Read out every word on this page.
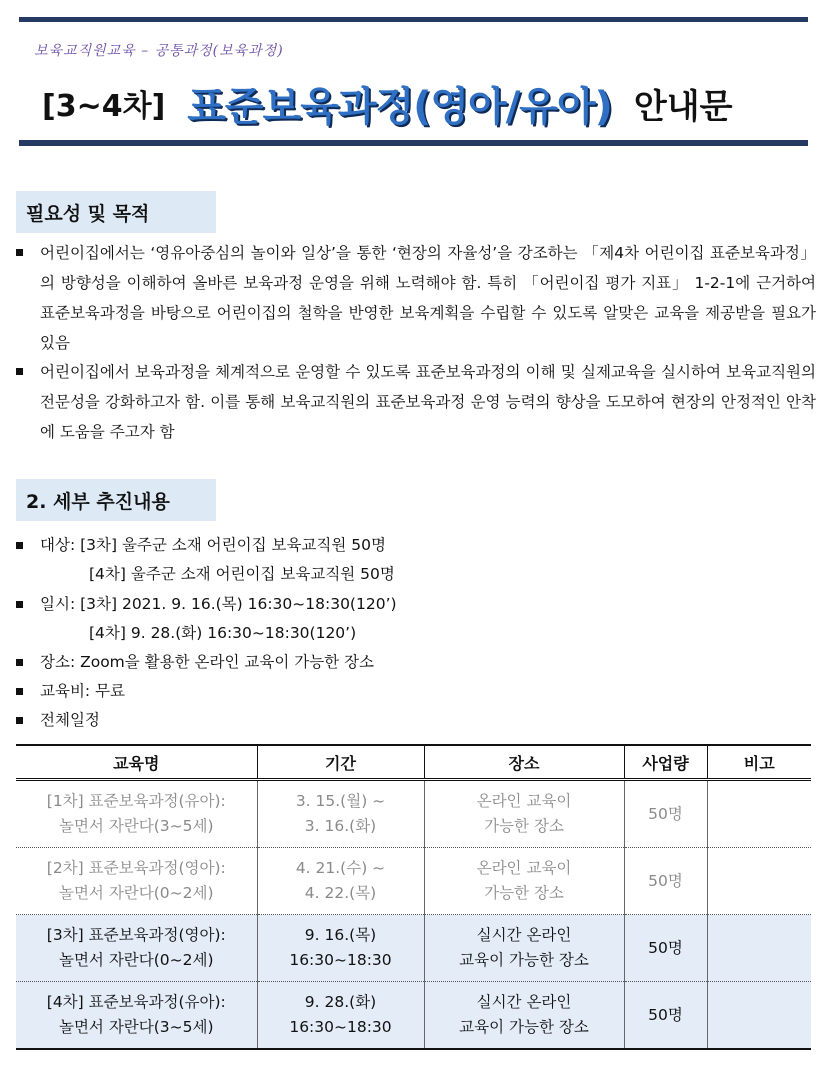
보육교직원교육 – 공통과정(보육과정)
[3~4차] 표준보육과정(영아/유아) 안내문
필요성 및 목적
어린이집에서는 ‘영유아중심의 놀이와 일상’을 통한 ‘현장의 자율성’을 강조하는 「제4차 어린이집 표준보육과정」의 방향성을 이해하여 올바른 보육과정 운영을 위해 노력해야 함. 특히 「어린이집 평가 지표」 1-2-1에 근거하여 표준보육과정을 바탕으로 어린이집의 철학을 반영한 보육계획을 수립할 수 있도록 알맞은 교육을 제공받을 필요가 있음
어린이집에서 보육과정을 체계적으로 운영할 수 있도록 표준보육과정의 이해 및 실제교육을 실시하여 보육교직원의 전문성을 강화하고자 함. 이를 통해 보육교직원의 표준보육과정 운영 능력의 향상을 도모하여 현장의 안정적인 안착에 도움을 주고자 함
2. 세부 추진내용
대상: [3차] 울주군 소재 어린이집 보육교직원 50명
[4차] 울주군 소재 어린이집 보육교직원 50명
일시: [3차] 2021. 9. 16.(목) 16:30~18:30(120’)
[4차] 9. 28.(화) 16:30~18:30(120’)
장소: Zoom을 활용한 온라인 교육이 가능한 장소
교육비: 무료
전체일정
교육명	기간	장소	사업량	비고

[1차] 표준보육과정(유아):
놀면서 자란다(3~5세)	3. 15.(월) ~
3. 16.(화)	온라인 교육이
가능한 장소	50명	

[2차] 표준보육과정(영아):
놀면서 자란다(0~2세)	4. 21.(수) ~
4. 22.(목)	온라인 교육이
가능한 장소	50명	

[3차] 표준보육과정(영아):
놀면서 자란다(0~2세)	9. 16.(목)
16:30~18:30	실시간 온라인
교육이 가능한 장소	50명	

[4차] 표준보육과정(유아):
놀면서 자란다(3~5세)	9. 28.(화)
16:30~18:30	실시간 온라인
교육이 가능한 장소	50명	
